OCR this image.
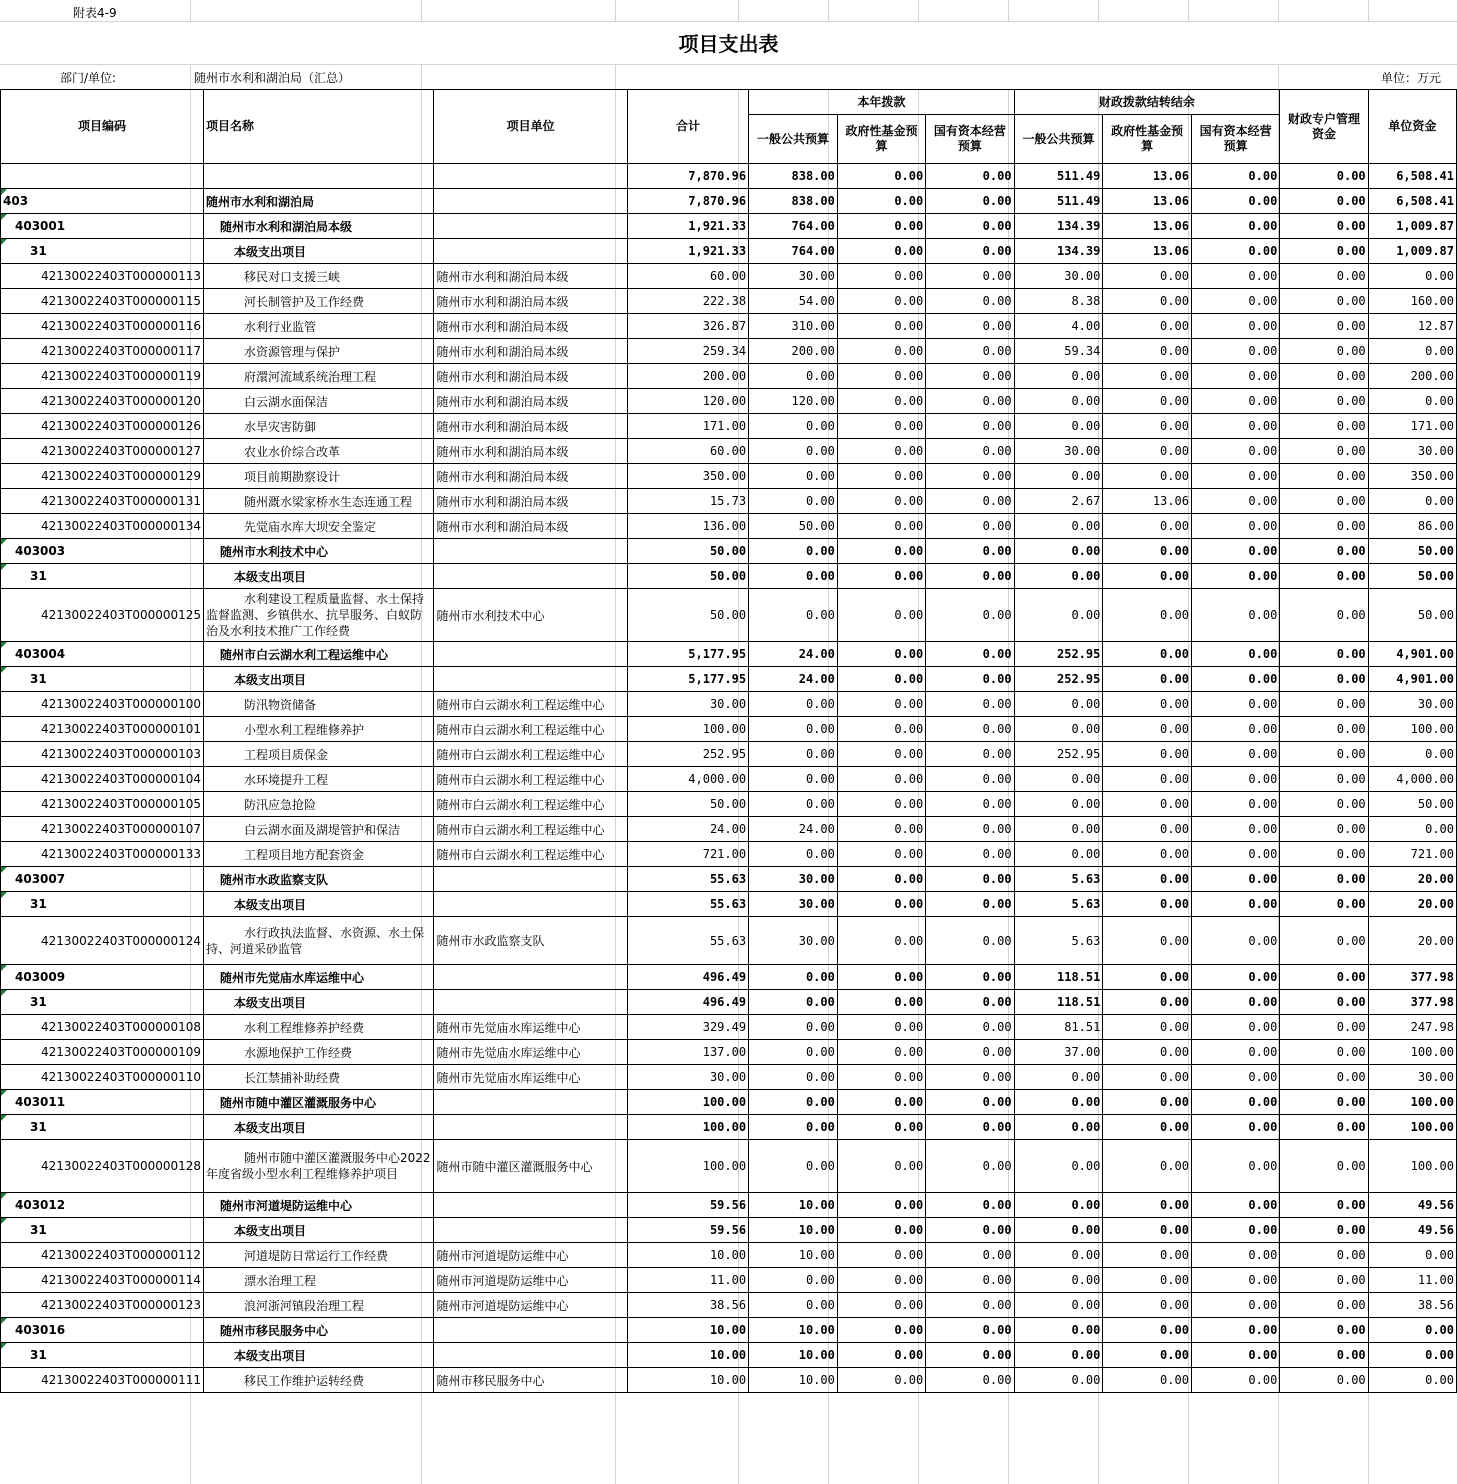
附表4-9
项目支出表
部门/单位:	随州市水利和湖泊局（汇总）	单位：万元
项目编码	项目名称	项目单位	合计	本年拨款			财政拨款结转结余			财政专户管理资金	单位资金
				一般公共预算	政府性基金预算	国有资本经营预算	一般公共预算	政府性基金预算	国有资本经营预算		
			7,870.96	838.00	0.00	0.00	511.49	13.06	0.00	0.00	6,508.41

403	随州市水利和湖泊局		7,870.96	838.00	0.00	0.00	511.49	13.06	0.00	0.00	6,508.41

403001	随州市水利和湖泊局本级		1,921.33	764.00	0.00	0.00	134.39	13.06	0.00	0.00	1,009.87

31	本级支出项目		1,921.33	764.00	0.00	0.00	134.39	13.06	0.00	0.00	1,009.87
42130022403T000000113	移民对口支援三峡	随州市水利和湖泊局本级	60.00	30.00	0.00	0.00	30.00	0.00	0.00	0.00	0.00
42130022403T000000115	河长制管护及工作经费	随州市水利和湖泊局本级	222.38	54.00	0.00	0.00	8.38	0.00	0.00	0.00	160.00
42130022403T000000116	水利行业监管	随州市水利和湖泊局本级	326.87	310.00	0.00	0.00	4.00	0.00	0.00	0.00	12.87
42130022403T000000117	水资源管理与保护	随州市水利和湖泊局本级	259.34	200.00	0.00	0.00	59.34	0.00	0.00	0.00	0.00
42130022403T000000119	府澴河流域系统治理工程	随州市水利和湖泊局本级	200.00	0.00	0.00	0.00	0.00	0.00	0.00	0.00	200.00
42130022403T000000120	白云湖水面保洁	随州市水利和湖泊局本级	120.00	120.00	0.00	0.00	0.00	0.00	0.00	0.00	0.00
42130022403T000000126	水旱灾害防御	随州市水利和湖泊局本级	171.00	0.00	0.00	0.00	0.00	0.00	0.00	0.00	171.00
42130022403T000000127	农业水价综合改革	随州市水利和湖泊局本级	60.00	0.00	0.00	0.00	30.00	0.00	0.00	0.00	30.00
42130022403T000000129	项目前期勘察设计	随州市水利和湖泊局本级	350.00	0.00	0.00	0.00	0.00	0.00	0.00	0.00	350.00
42130022403T000000131	随州溉水梁家桥水生态连通工程	随州市水利和湖泊局本级	15.73	0.00	0.00	0.00	2.67	13.06	0.00	0.00	0.00
42130022403T000000134	先觉庙水库大坝安全鉴定	随州市水利和湖泊局本级	136.00	50.00	0.00	0.00	0.00	0.00	0.00	0.00	86.00

403003	随州市水利技术中心		50.00	0.00	0.00	0.00	0.00	0.00	0.00	0.00	50.00

31	本级支出项目		50.00	0.00	0.00	0.00	0.00	0.00	0.00	0.00	50.00
42130022403T000000125	水利建设工程质量监督、水土保持监督监测、乡镇供水、抗旱服务、白蚁防治及水利技术推广工作经费	随州市水利技术中心	50.00	0.00	0.00	0.00	0.00	0.00	0.00	0.00	50.00

403004	随州市白云湖水利工程运维中心		5,177.95	24.00	0.00	0.00	252.95	0.00	0.00	0.00	4,901.00

31	本级支出项目		5,177.95	24.00	0.00	0.00	252.95	0.00	0.00	0.00	4,901.00
42130022403T000000100	防汛物资储备	随州市白云湖水利工程运维中心	30.00	0.00	0.00	0.00	0.00	0.00	0.00	0.00	30.00
42130022403T000000101	小型水利工程维修养护	随州市白云湖水利工程运维中心	100.00	0.00	0.00	0.00	0.00	0.00	0.00	0.00	100.00
42130022403T000000103	工程项目质保金	随州市白云湖水利工程运维中心	252.95	0.00	0.00	0.00	252.95	0.00	0.00	0.00	0.00
42130022403T000000104	水环境提升工程	随州市白云湖水利工程运维中心	4,000.00	0.00	0.00	0.00	0.00	0.00	0.00	0.00	4,000.00
42130022403T000000105	防汛应急抢险	随州市白云湖水利工程运维中心	50.00	0.00	0.00	0.00	0.00	0.00	0.00	0.00	50.00
42130022403T000000107	白云湖水面及湖堤管护和保洁	随州市白云湖水利工程运维中心	24.00	24.00	0.00	0.00	0.00	0.00	0.00	0.00	0.00
42130022403T000000133	工程项目地方配套资金	随州市白云湖水利工程运维中心	721.00	0.00	0.00	0.00	0.00	0.00	0.00	0.00	721.00

403007	随州市水政监察支队		55.63	30.00	0.00	0.00	5.63	0.00	0.00	0.00	20.00

31	本级支出项目		55.63	30.00	0.00	0.00	5.63	0.00	0.00	0.00	20.00
42130022403T000000124	水行政执法监督、水资源、水土保持、河道采砂监管	随州市水政监察支队	55.63	30.00	0.00	0.00	5.63	0.00	0.00	0.00	20.00

403009	随州市先觉庙水库运维中心		496.49	0.00	0.00	0.00	118.51	0.00	0.00	0.00	377.98

31	本级支出项目		496.49	0.00	0.00	0.00	118.51	0.00	0.00	0.00	377.98
42130022403T000000108	水利工程维修养护经费	随州市先觉庙水库运维中心	329.49	0.00	0.00	0.00	81.51	0.00	0.00	0.00	247.98
42130022403T000000109	水源地保护工作经费	随州市先觉庙水库运维中心	137.00	0.00	0.00	0.00	37.00	0.00	0.00	0.00	100.00
42130022403T000000110	长江禁捕补助经费	随州市先觉庙水库运维中心	30.00	0.00	0.00	0.00	0.00	0.00	0.00	0.00	30.00

403011	随州市随中灌区灌溉服务中心		100.00	0.00	0.00	0.00	0.00	0.00	0.00	0.00	100.00

31	本级支出项目		100.00	0.00	0.00	0.00	0.00	0.00	0.00	0.00	100.00
42130022403T000000128	随州市随中灌区灌溉服务中心2022年度省级小型水利工程维修养护项目	随州市随中灌区灌溉服务中心	100.00	0.00	0.00	0.00	0.00	0.00	0.00	0.00	100.00

403012	随州市河道堤防运维中心		59.56	10.00	0.00	0.00	0.00	0.00	0.00	0.00	49.56

31	本级支出项目		59.56	10.00	0.00	0.00	0.00	0.00	0.00	0.00	49.56
42130022403T000000112	河道堤防日常运行工作经费	随州市河道堤防运维中心	10.00	10.00	0.00	0.00	0.00	0.00	0.00	0.00	0.00
42130022403T000000114	漂水治理工程	随州市河道堤防运维中心	11.00	0.00	0.00	0.00	0.00	0.00	0.00	0.00	11.00
42130022403T000000123	浪河浙河镇段治理工程	随州市河道堤防运维中心	38.56	0.00	0.00	0.00	0.00	0.00	0.00	0.00	38.56

403016	随州市移民服务中心		10.00	10.00	0.00	0.00	0.00	0.00	0.00	0.00	0.00

31	本级支出项目		10.00	10.00	0.00	0.00	0.00	0.00	0.00	0.00	0.00
42130022403T000000111	移民工作维护运转经费	随州市移民服务中心	10.00	10.00	0.00	0.00	0.00	0.00	0.00	0.00	0.00
